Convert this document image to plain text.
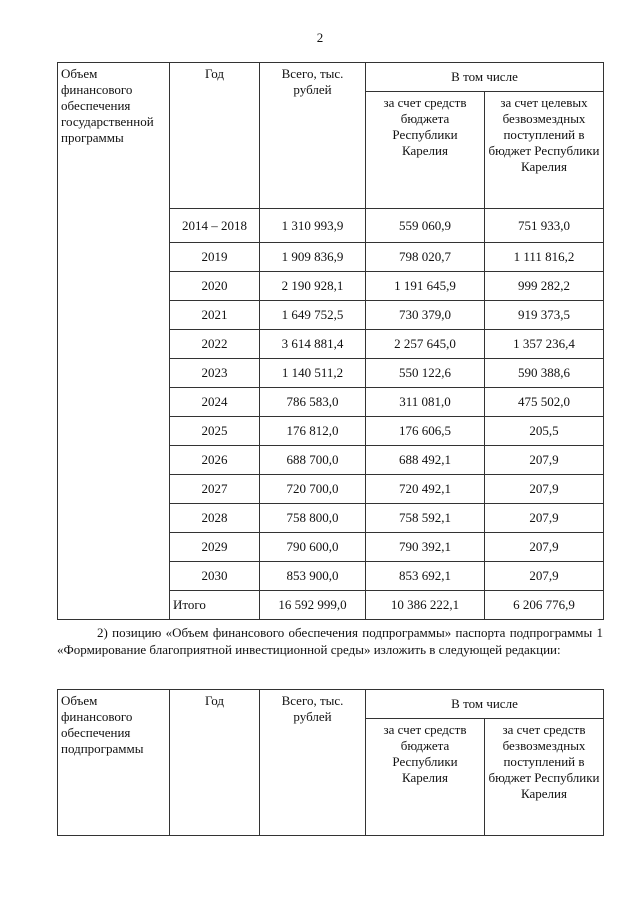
2
Объем финансового обеспечения государственной программы	Год	Всего, тыс. рублей	В том числе	
			за счет средств бюджета Республики Карелия	за счет целевых безвозмездных поступлений в бюджет Республики Карелия
	2014 – 2018	1 310 993,9	559 060,9	751 933,0
	2019	1 909 836,9	798 020,7	1 111 816,2
	2020	2 190 928,1	1 191 645,9	999 282,2
	2021	1 649 752,5	730 379,0	919 373,5
	2022	3 614 881,4	2 257 645,0	1 357 236,4
	2023	1 140 511,2	550 122,6	590 388,6
	2024	786 583,0	311 081,0	475 502,0
	2025	176 812,0	176 606,5	205,5
	2026	688 700,0	688 492,1	207,9
	2027	720 700,0	720 492,1	207,9
	2028	758 800,0	758 592,1	207,9
	2029	790 600,0	790 392,1	207,9
	2030	853 900,0	853 692,1	207,9
	Итого	16 592 999,0	10 386 222,1	6 206 776,9
2) позицию «Объем финансового обеспечения подпрограммы» паспорта подпрограммы 1 «Формирование благоприятной инвестиционной среды» изложить в следующей редакции:
Объем финансового обеспечения подпрограммы	Год	Всего, тыс. рублей	В том числе	
			за счет средств бюджета Республики Карелия	за счет средств безвозмездных поступлений в бюджет Республики Карелия
